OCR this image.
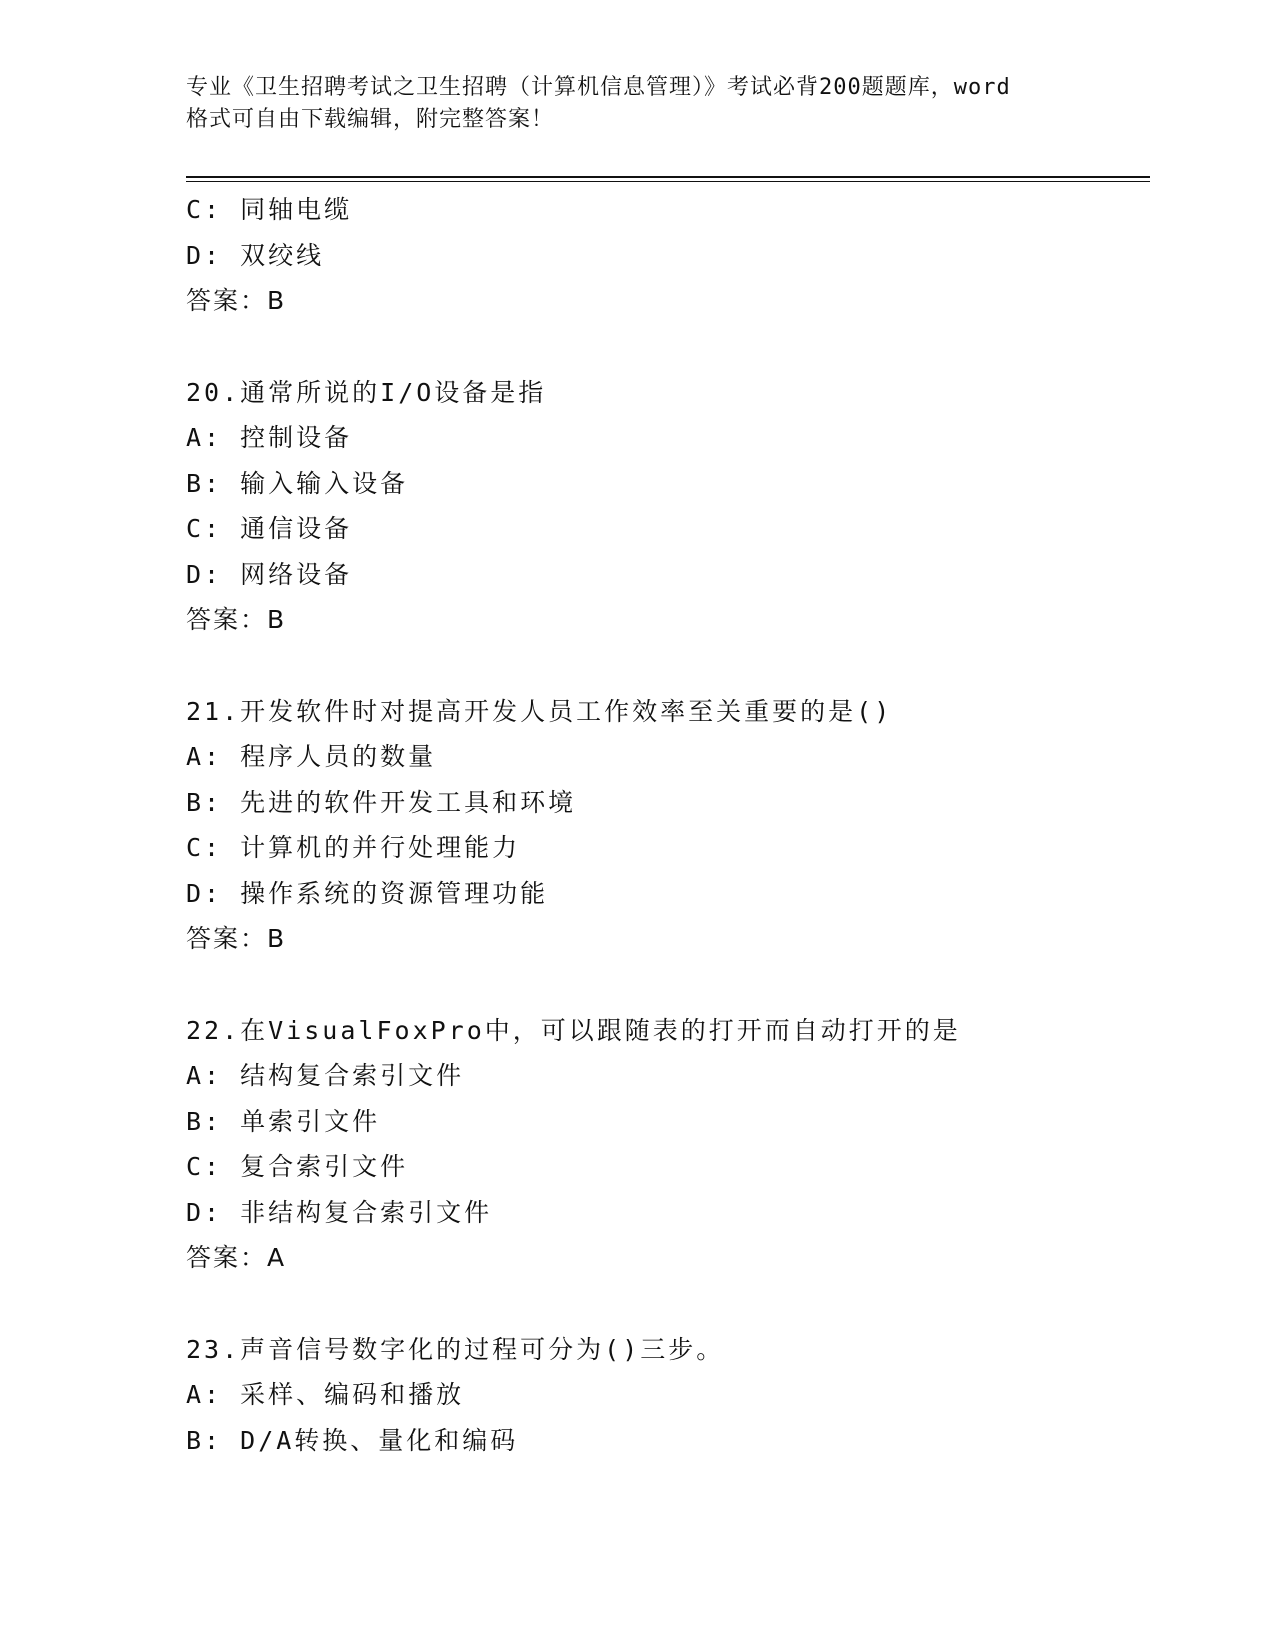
专业《卫生招聘考试之卫生招聘（计算机信息管理）》考试必背200题题库，word
格式可自由下载编辑，附完整答案！
C: 同轴电缆
D: 双绞线
答案：B
20.通常所说的I/O设备是指
A: 控制设备
B: 输入输入设备
C: 通信设备
D: 网络设备
答案：B
21.开发软件时对提高开发人员工作效率至关重要的是()
A: 程序人员的数量
B: 先进的软件开发工具和环境
C: 计算机的并行处理能力
D: 操作系统的资源管理功能
答案：B
22.在VisualFoxPro中，可以跟随表的打开而自动打开的是
A: 结构复合索引文件
B: 单索引文件
C: 复合索引文件
D: 非结构复合索引文件
答案：A
23.声音信号数字化的过程可分为()三步。
A: 采样、编码和播放
B: D/A转换、量化和编码
